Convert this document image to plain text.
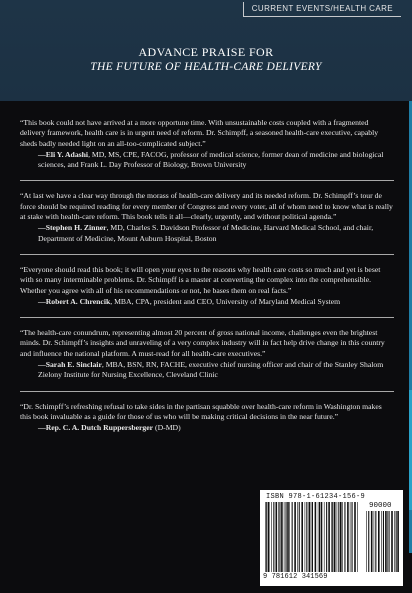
CURRENT EVENTS/HEALTH CARE
ADVANCE PRAISE FOR
THE FUTURE OF HEALTH-CARE DELIVERY

“This book could not have arrived at a more opportune time. With unsustainable costs coupled with a fragmented delivery framework, health care is in urgent need of reform. Dr. Schimpff, a seasoned health-care executive, capably sheds badly needed light on an all-too-complicated subject.”

—Eli Y. Adashi, MD, MS, CPE, FACOG, professor of medical science, former dean of medicine and biological sciences, and Frank L. Day Professor of Biology, Brown University

“At last we have a clear way through the morass of health-care delivery and its needed reform. Dr. Schimpff’s tour de force should be required reading for every member of Congress and every voter, all of whom need to know what is really at stake with health-care reform. This book tells it all—clearly, urgently, and without political agenda.”

—Stephen H. Zinner, MD, Charles S. Davidson Professor of Medicine, Harvard Medical School, and chair, Department of Medicine, Mount Auburn Hospital, Boston

“Everyone should read this book; it will open your eyes to the reasons why health care costs so much and yet is beset with so many interminable problems. Dr. Schimpff is a master at converting the complex into the comprehensible. Whether you agree with all of his recommendations or not, he bases them on real facts.”

—Robert A. Chrencik, MBA, CPA, president and CEO, University of Maryland Medical System

“The health-care conundrum, representing almost 20 percent of gross national income, challenges even the brightest minds. Dr. Schimpff’s insights and unraveling of a very complex industry will in fact help drive change in this country and influence the national platform. A must-read for all health-care executives.”

—Sarah E. Sinclair, MBA, BSN, RN, FACHE, executive chief nursing officer and chair of the Stanley Shalom Zielony Institute for Nursing Excellence, Cleveland Clinic

“Dr. Schimpff’s refreshing refusal to take sides in the partisan squabble over health-care reform in Washington makes this book invaluable as a guide for those of us who will be making critical decisions in the near future.”

—Rep. C. A. Dutch Ruppersberger (D-MD)

ISBN 978-1-61234-156-9
90000
9 781612 341569
